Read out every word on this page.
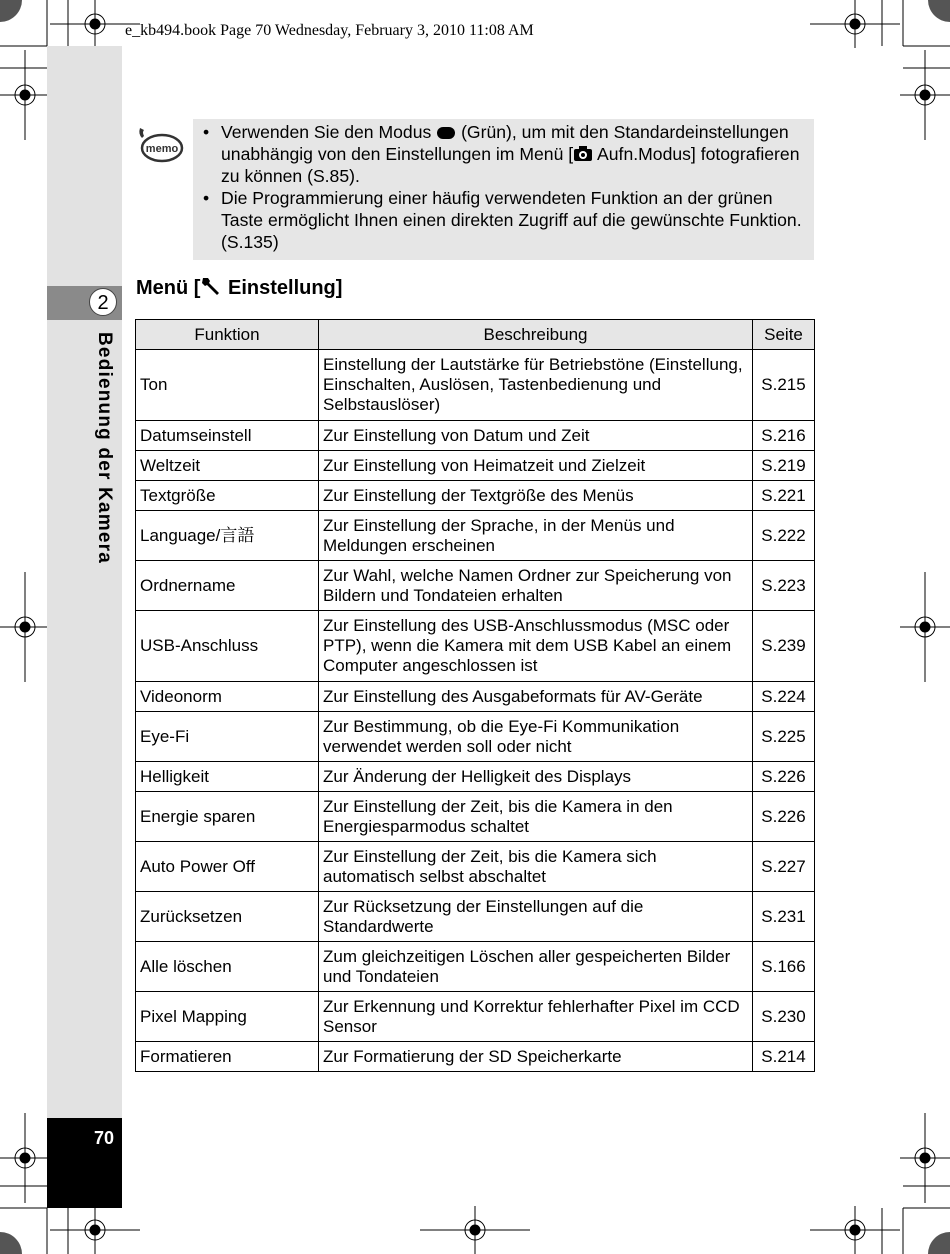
e_kb494.book Page 70 Wednesday, February 3, 2010 11:08 AM
2
Bedienung der Kamera
70
memo
• Verwenden Sie den Modus  (Grün), um mit den Standardeinstellungen unabhängig von den Einstellungen im Menü [ Aufn.Modus] fotografieren zu können (S.85).
• Die Programmierung einer häufig verwendeten Funktion an der grünen Taste ermöglicht Ihnen einen direkten Zugriff auf die gewünschte Funktion. (S.135)
Menü [ Einstellung]
Funktion	Beschreibung	Seite
Ton	Einstellung der Lautstärke für Betriebstöne (Einstellung, Einschalten, Auslösen, Tastenbedienung und Selbstauslöser)	S.215
Datumseinstell	Zur Einstellung von Datum und Zeit	S.216
Weltzeit	Zur Einstellung von Heimatzeit und Zielzeit	S.219
Textgröße	Zur Einstellung der Textgröße des Menüs	S.221
Language/言語	Zur Einstellung der Sprache, in der Menüs und Meldungen erscheinen	S.222
Ordnername	Zur Wahl, welche Namen Ordner zur Speicherung von Bildern und Tondateien erhalten	S.223
USB-Anschluss	Zur Einstellung des USB-Anschlussmodus (MSC oder PTP), wenn die Kamera mit dem USB Kabel an einem Computer angeschlossen ist	S.239
Videonorm	Zur Einstellung des Ausgabeformats für AV-Geräte	S.224
Eye-Fi	Zur Bestimmung, ob die Eye-Fi Kommunikation verwendet werden soll oder nicht	S.225
Helligkeit	Zur Änderung der Helligkeit des Displays	S.226
Energie sparen	Zur Einstellung der Zeit, bis die Kamera in den Energiesparmodus schaltet	S.226
Auto Power Off	Zur Einstellung der Zeit, bis die Kamera sich automatisch selbst abschaltet	S.227
Zurücksetzen	Zur Rücksetzung der Einstellungen auf die Standardwerte	S.231
Alle löschen	Zum gleichzeitigen Löschen aller gespeicherten Bilder und Tondateien	S.166
Pixel Mapping	Zur Erkennung und Korrektur fehlerhafter Pixel im CCD Sensor	S.230
Formatieren	Zur Formatierung der SD Speicherkarte	S.214
